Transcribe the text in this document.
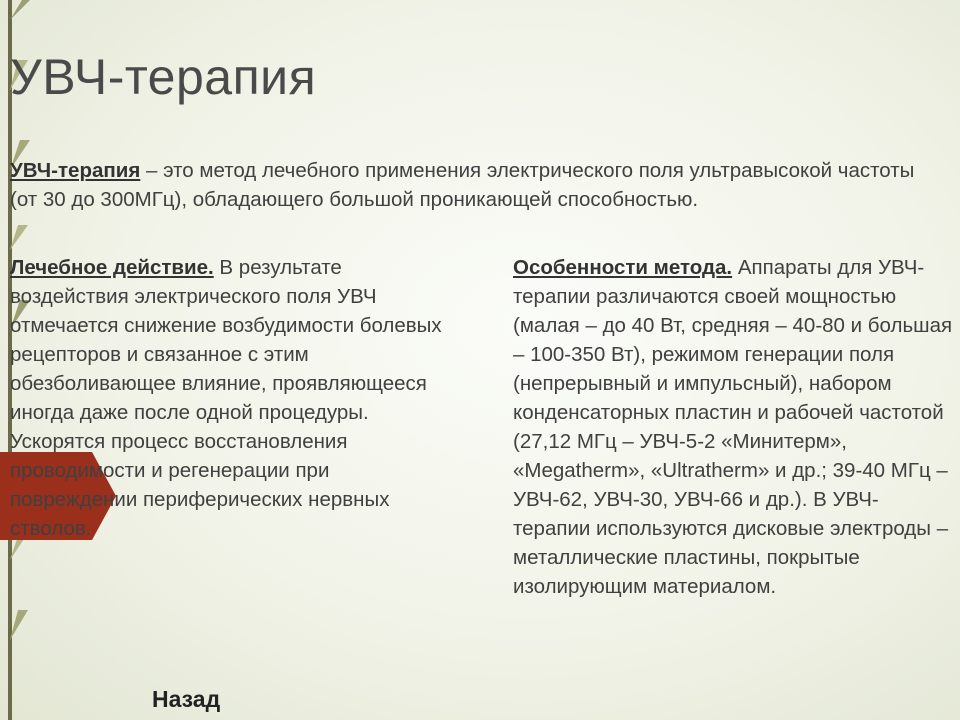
УВЧ-терапия
УВЧ-терапия – это метод лечебного применения электрического поля ультравысокой частоты (от 30 до 300МГц), обладающего большой проникающей способностью.
Лечебное действие. В результате воздействия электрического поля УВЧ отмечается снижение возбудимости болевых рецепторов и связанное с этим обезболивающее влияние, проявляющееся иногда даже после одной процедуры. Ускорятся процесс восстановления проводимости и регенерации при повреждении периферических нервных стволов.
Особенности метода. Аппараты для УВЧ-терапии различаются своей мощностью (малая – до 40 Вт, средняя – 40-80 и большая – 100-350 Вт), режимом генерации поля (непрерывный и импульсный), набором конденсаторных пластин и рабочей частотой (27,12 МГц – УВЧ-5-2 «Минитерм», «Megatherm», «Ultratherm» и др.; 39-40 МГц – УВЧ-62, УВЧ-30, УВЧ-66 и др.). В УВЧ-терапии используются дисковые электроды – металлические пластины, покрытые изолирующим материалом.
Назад
